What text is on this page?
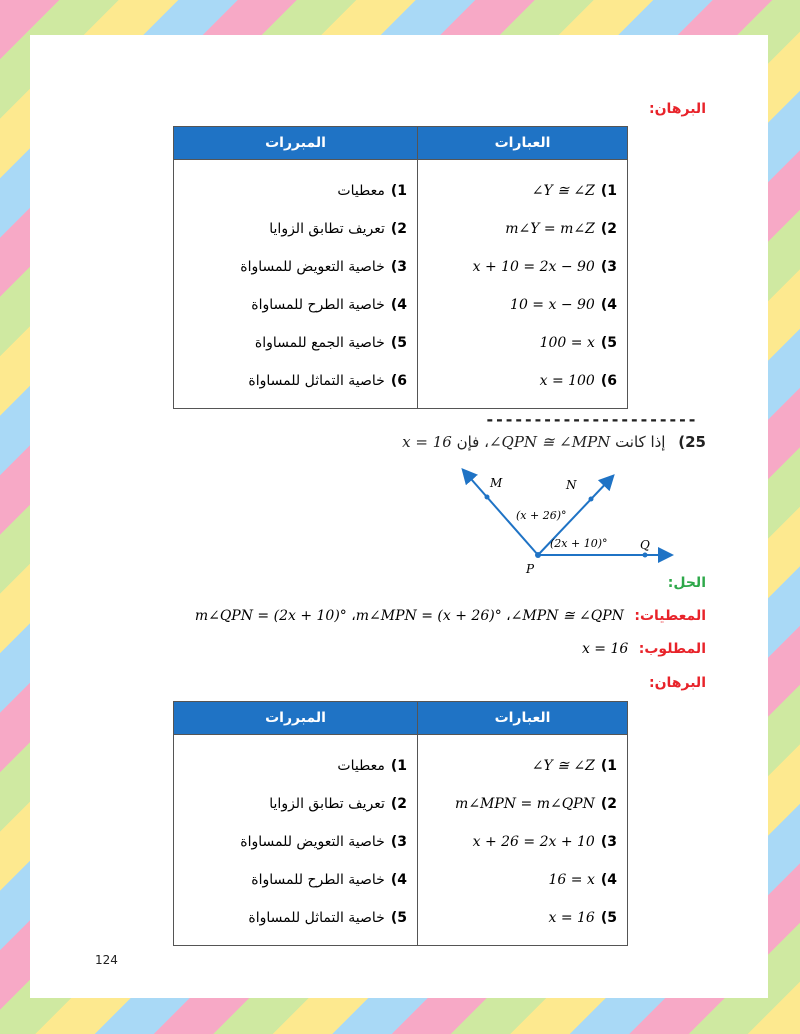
البرهان:
العبارات	المبررات
1)∠Y ≅ ∠Z	1)معطيات
2)m∠Y = m∠Z	2)تعريف تطابق الزوايا
3)x + 10 = 2x − 90	3)خاصية التعويض للمساواة
4)10 = x − 90	4)خاصية الطرح للمساواة
5)100 = x	5)خاصية الجمع للمساواة
6)x = 100	6)خاصية التماثل للمساواة
----------------------
25) إذا كانت ∠QPN ≅ ∠MPN، فإن x = 16
M	N
P
Q
(x + 26)°
(2x + 10)°
الحل:
المعطيات: ∠MPN ≅ ∠QPN، m∠MPN = (x + 26)°، m∠QPN = (2x + 10)°
المطلوب: x = 16
البرهان:
العبارات	المبررات
1)∠Y ≅ ∠Z	1)معطيات
2)m∠MPN = m∠QPN	2)تعريف تطابق الزوايا
3)x + 26 = 2x + 10	3)خاصية التعويض للمساواة
4)16 = x	4)خاصية الطرح للمساواة
5)x = 16	5)خاصية التماثل للمساواة
124
